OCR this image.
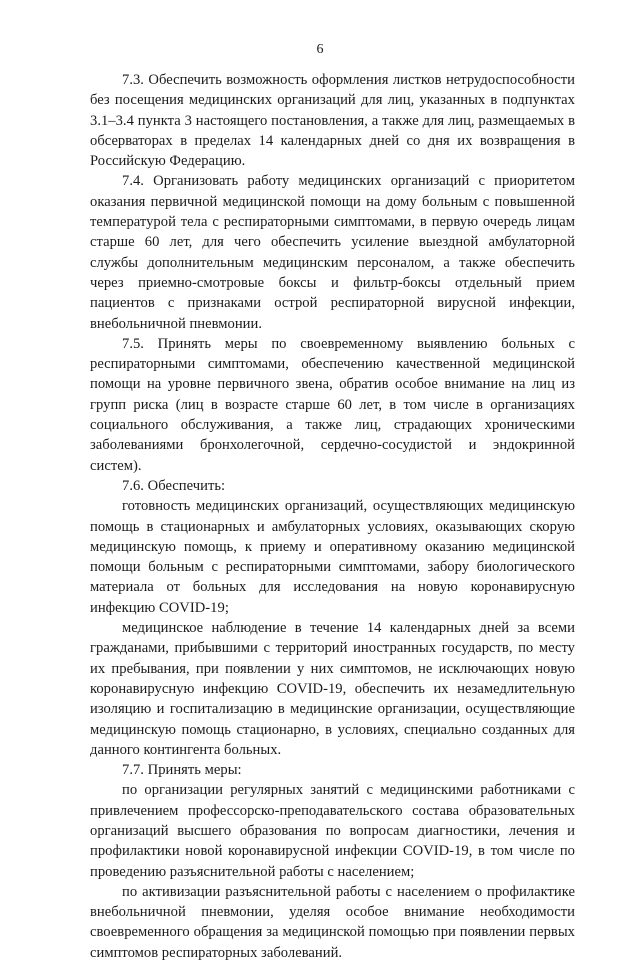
6

7.3. Обеспечить возможность оформления листков нетрудоспособности без посещения медицинских организаций для лиц, указанных в подпунктах 3.1–3.4 пункта 3 настоящего постановления, а также для лиц, размещаемых в обсерваторах в пределах 14 календарных дней со дня их возвращения в Российскую Федерацию.

7.4. Организовать работу медицинских организаций с приоритетом оказания первичной медицинской помощи на дому больным с повышенной температурой тела с респираторными симптомами, в первую очередь лицам старше 60 лет, для чего обеспечить усиление выездной амбулаторной службы дополнительным медицинским персоналом, а также обеспечить через приемно-смотровые боксы и фильтр-боксы отдельный прием пациентов с признаками острой респираторной вирусной инфекции, внебольничной пневмонии.

7.5. Принять меры по своевременному выявлению больных с респираторными симптомами, обеспечению качественной медицинской помощи на уровне первичного звена, обратив особое внимание на лиц из групп риска (лиц в возрасте старше 60 лет, в том числе в организациях социального обслуживания, а также лиц, страдающих хроническими заболеваниями бронхолегочной, сердечно-сосудистой и эндокринной систем).

7.6. Обеспечить:

готовность медицинских организаций, осуществляющих медицинскую помощь в стационарных и амбулаторных условиях, оказывающих скорую медицинскую помощь, к приему и оперативному оказанию медицинской помощи больным с респираторными симптомами, забору биологического материала от больных для исследования на новую коронавирусную инфекцию COVID-19;

медицинское наблюдение в течение 14 календарных дней за всеми гражданами, прибывшими с территорий иностранных государств, по месту их пребывания, при появлении у них симптомов, не исключающих новую коронавирусную инфекцию COVID-19, обеспечить их незамедлительную изоляцию и госпитализацию в медицинские организации, осуществляющие медицинскую помощь стационарно, в условиях, специально созданных для данного контингента больных.

7.7. Принять меры:

по организации регулярных занятий с медицинскими работниками с привлечением профессорско-преподавательского состава образовательных организаций высшего образования по вопросам диагностики, лечения и профилактики новой коронавирусной инфекции COVID-19, в том числе по проведению разъяснительной работы с населением;

по активизации разъяснительной работы с населением о профилактике внебольничной пневмонии, уделяя особое внимание необходимости своевременного обращения за медицинской помощью при появлении первых симптомов респираторных заболеваний.
